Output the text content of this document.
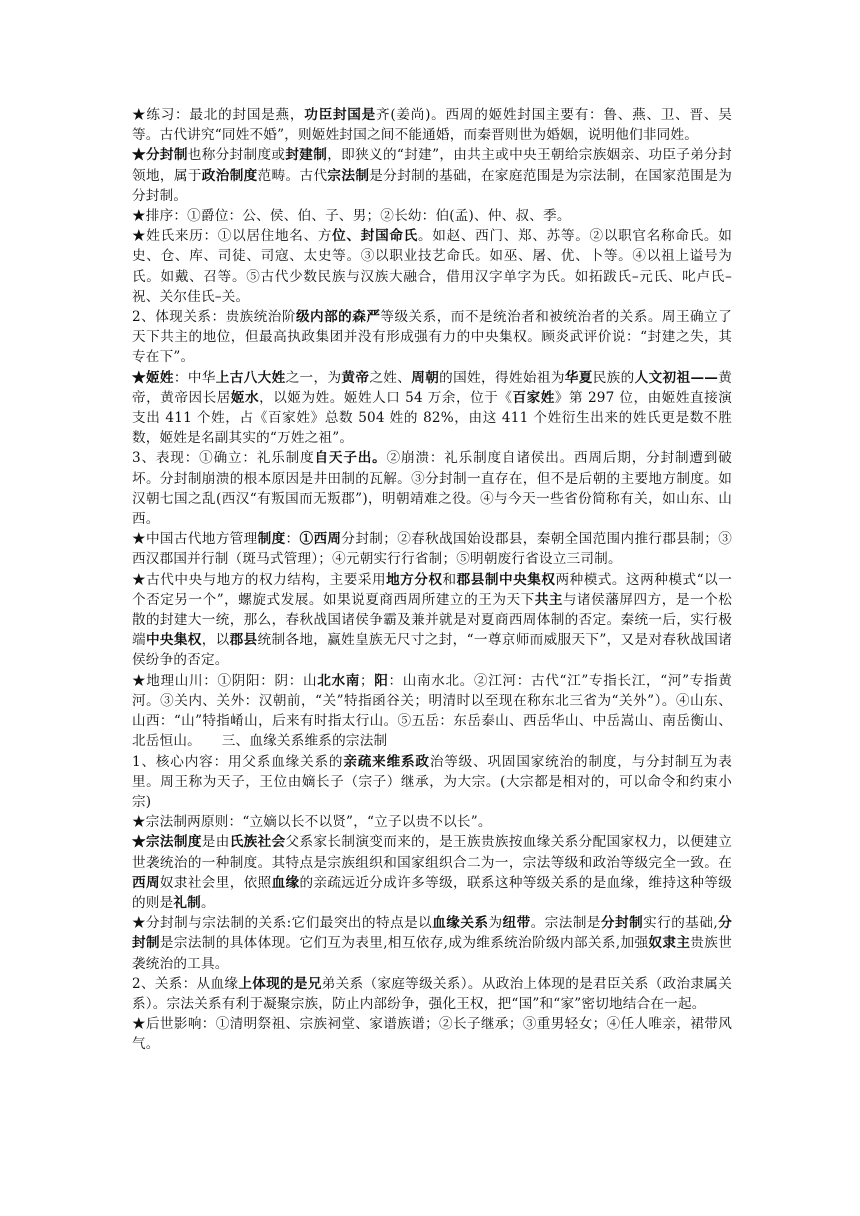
★练习：最北的封国是燕，功臣封国是齐(姜尚)。西周的姬姓封国主要有：鲁、燕、卫、晋、吴等。古代讲究“同姓不婚”，则姬姓封国之间不能通婚，而秦晋则世为婚姻，说明他们非同姓。

★分封制也称分封制度或封建制，即狭义的“封建”，由共主或中央王朝给宗族姻亲、功臣子弟分封领地，属于政治制度范畴。古代宗法制是分封制的基础，在家庭范围是为宗法制，在国家范围是为分封制。

★排序：①爵位：公、侯、伯、子、男；②长幼：伯(孟)、仲、叔、季。

★姓氏来历：①以居住地名、方位、封国命氏。如赵、西门、郑、苏等。②以职官名称命氏。如史、仓、库、司徒、司寇、太史等。③以职业技艺命氏。如巫、屠、优、卜等。④以祖上谥号为氏。如戴、召等。⑤古代少数民族与汉族大融合，借用汉字单字为氏。如拓跋氏–元氏、叱卢氏–祝、关尔佳氏–关。

2、体现关系：贵族统治阶级内部的森严等级关系，而不是统治者和被统治者的关系。周王确立了天下共主的地位，但最高执政集团并没有形成强有力的中央集权。顾炎武评价说：“封建之失，其专在下”。

★姬姓：中华上古八大姓之一，为黄帝之姓、周朝的国姓，得姓始祖为华夏民族的人文初祖——黄帝，黄帝因长居姬水，以姬为姓。姬姓人口 54 万余，位于《百家姓》第 297 位，由姬姓直接演支出 411 个姓，占《百家姓》总数 504 姓的 82%，由这 411 个姓衍生出来的姓氏更是数不胜数，姬姓是名副其实的“万姓之祖”。

3、表现：①确立：礼乐制度自天子出。②崩溃：礼乐制度自诸侯出。西周后期，分封制遭到破坏。分封制崩溃的根本原因是井田制的瓦解。③分封制一直存在，但不是后朝的主要地方制度。如汉朝七国之乱(西汉“有叛国而无叛郡”)，明朝靖难之役。④与今天一些省份简称有关，如山东、山西。

★中国古代地方管理制度：①西周分封制；②春秋战国始设郡县，秦朝全国范围内推行郡县制；③西汉郡国并行制（斑马式管理）；④元朝实行行省制；⑤明朝废行省设立三司制。

★古代中央与地方的权力结构，主要采用地方分权和郡县制中央集权两种模式。这两种模式“以一个否定另一个”，螺旋式发展。如果说夏商西周所建立的王为天下共主与诸侯藩屏四方，是一个松散的封建大一统，那么，春秋战国诸侯争霸及兼并就是对夏商西周体制的否定。秦统一后，实行极端中央集权，以郡县统制各地，赢姓皇族无尺寸之封，“一尊京师而威服天下”，又是对春秋战国诸侯纷争的否定。

★地理山川：①阴阳：阴：山北水南；阳：山南水北。②江河：古代“江”专指长江，“河”专指黄河。③关内、关外：汉朝前，“关”特指函谷关；明清时以至现在称东北三省为“关外”）。④山东、山西：“山”特指崤山，后来有时指太行山。⑤五岳：东岳泰山、西岳华山、中岳嵩山、南岳衡山、北岳恒山。　　三、血缘关系维系的宗法制

1、核心内容：用父系血缘关系的亲疏来维系政治等级、巩固国家统治的制度，与分封制互为表里。周王称为天子，王位由嫡长子（宗子）继承，为大宗。(大宗都是相对的，可以命令和约束小宗)

★宗法制两原则：“立嫡以长不以贤”，“立子以贵不以长”。

★宗法制度是由氏族社会父系家长制演变而来的，是王族贵族按血缘关系分配国家权力，以便建立世袭统治的一种制度。其特点是宗族组织和国家组织合二为一，宗法等级和政治等级完全一致。在西周奴隶社会里，依照血缘的亲疏远近分成许多等级，联系这种等级关系的是血缘，维持这种等级的则是礼制。

★分封制与宗法制的关系:它们最突出的特点是以血缘关系为纽带。宗法制是分封制实行的基础,分封制是宗法制的具体体现。它们互为表里,相互依存,成为维系统治阶级内部关系,加强奴隶主贵族世袭统治的工具。

2、关系：从血缘上体现的是兄弟关系（家庭等级关系）。从政治上体现的是君臣关系（政治隶属关系）。宗法关系有利于凝聚宗族，防止内部纷争，强化王权，把“国”和“家”密切地结合在一起。

★后世影响：①清明祭祖、宗族祠堂、家谱族谱；②长子继承；③重男轻女；④任人唯亲，裙带风气。
